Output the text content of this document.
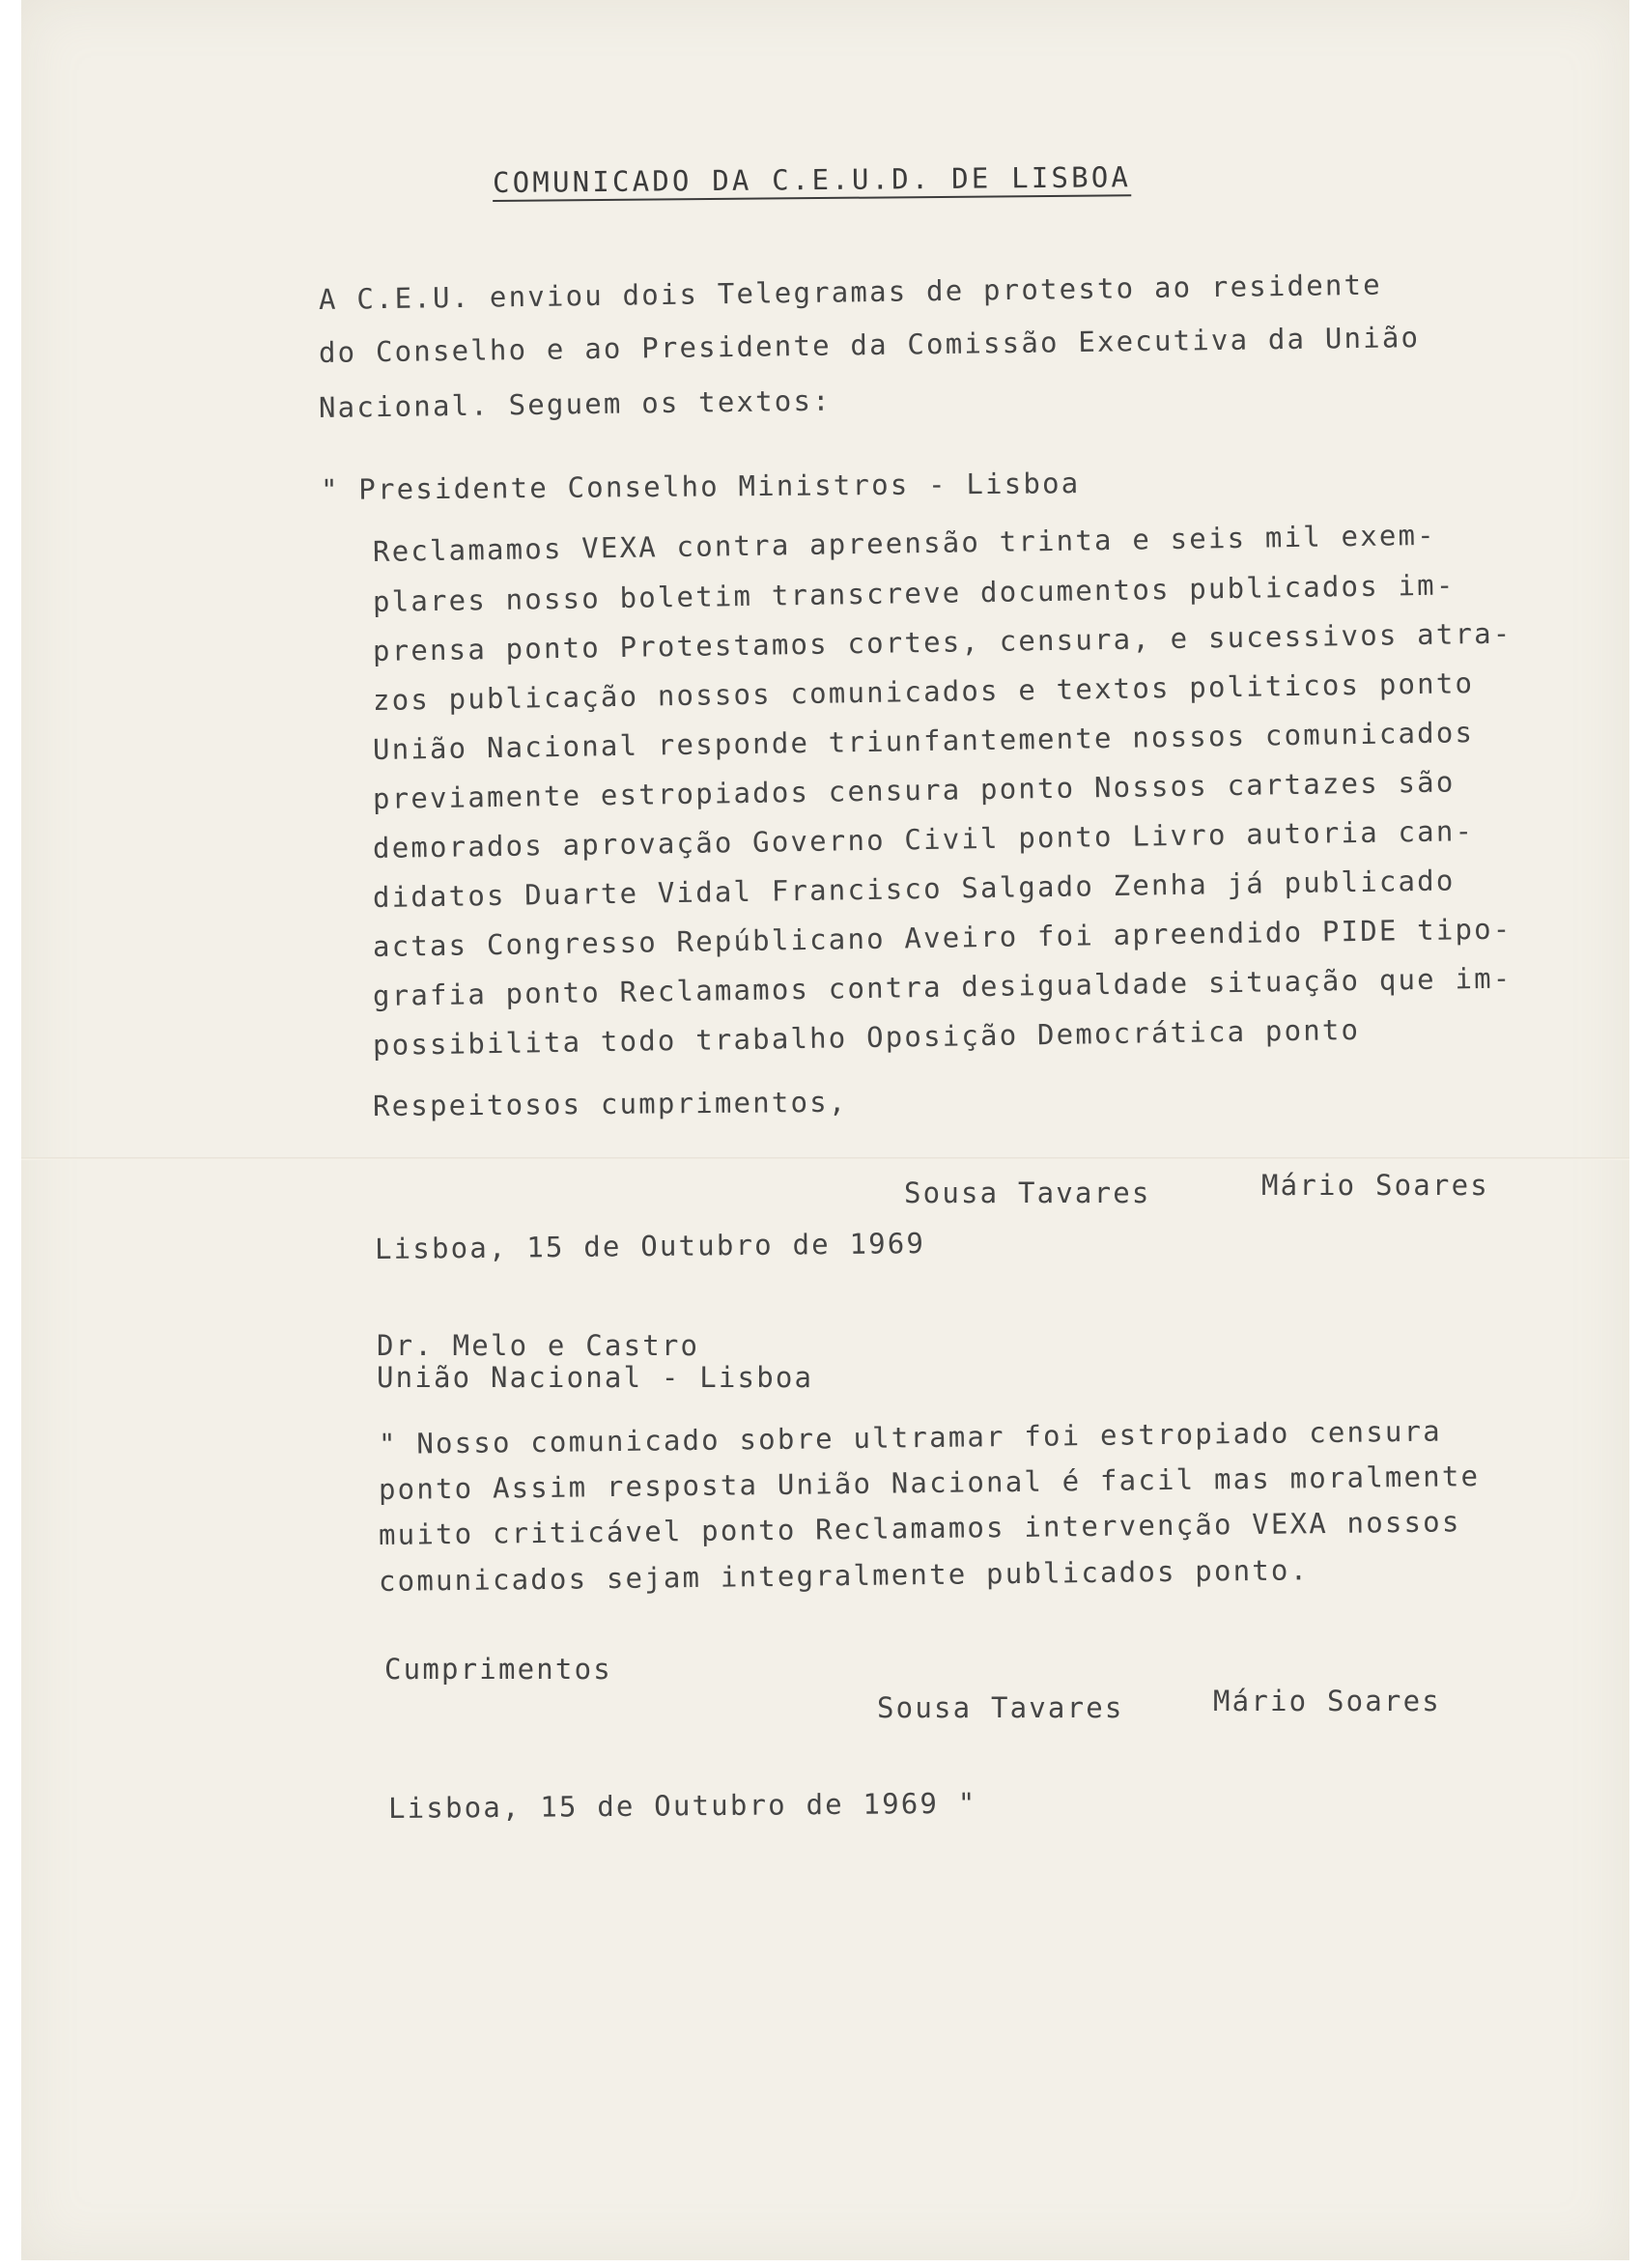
COMUNICADO DA C.E.U.D. DE LISBOA
A C.E.U. enviou dois Telegramas de protesto ao residente
do Conselho e ao Presidente da Comissão Executiva da União
Nacional. Seguem os textos:
" Presidente Conselho Ministros - Lisboa
Reclamamos VEXA contra apreensão trinta e seis mil exem-
plares nosso boletim transcreve documentos publicados im-
prensa ponto Protestamos cortes, censura, e sucessivos atra-
zos publicação nossos comunicados e textos politicos ponto
União Nacional responde triunfantemente nossos comunicados
previamente estropiados censura ponto Nossos cartazes são
demorados aprovação Governo Civil ponto Livro autoria can-
didatos Duarte Vidal Francisco Salgado Zenha já publicado
actas Congresso Repúblicano Aveiro foi apreendido PIDE tipo-
grafia ponto Reclamamos contra desigualdade situação que im-
possibilita todo trabalho Oposição Democrática ponto
Respeitosos cumprimentos,
Sousa Tavares	Mário Soares
Lisboa, 15 de Outubro de 1969
Dr. Melo e Castro
União Nacional - Lisboa
" Nosso comunicado sobre ultramar foi estropiado censura
ponto Assim resposta União Nacional é facil mas moralmente
muito criticável ponto Reclamamos intervenção VEXA nossos
comunicados sejam integralmente publicados ponto.
Cumprimentos
Sousa Tavares	Mário Soares
Lisboa, 15 de Outubro de 1969 "
